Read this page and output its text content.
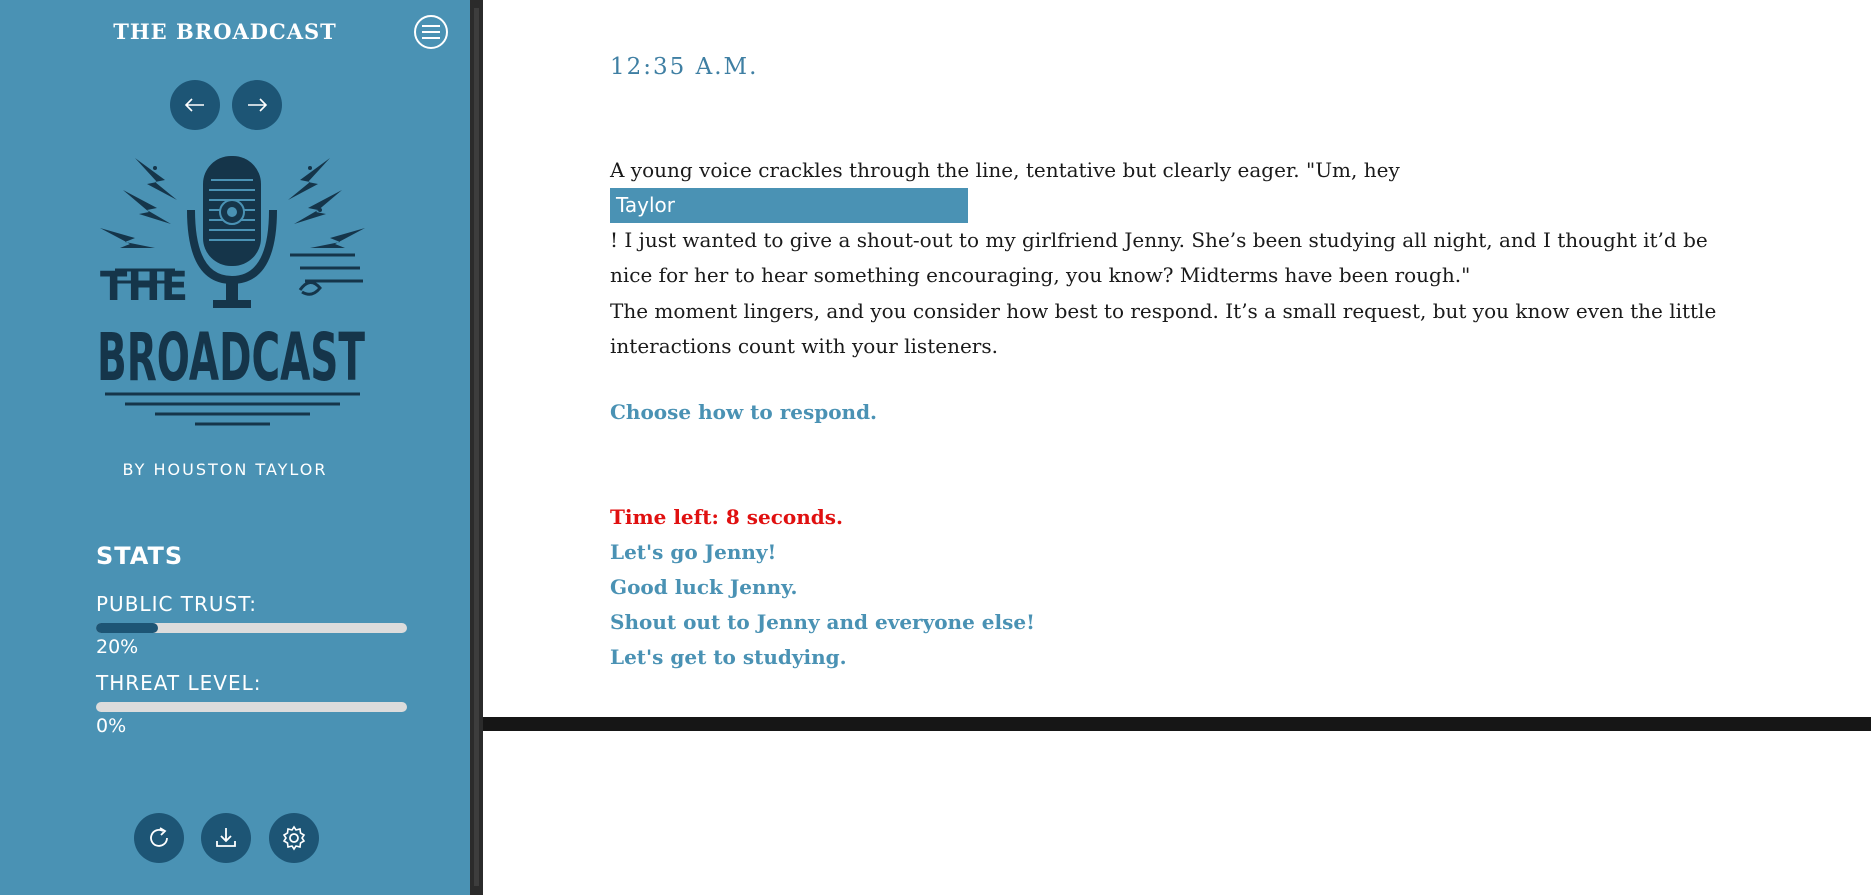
THE BROADCAST
THE
BROADCAST
BY HOUSTON TAYLOR
STATS
PUBLIC TRUST:
20%
THREAT LEVEL:
0%
12:35 A.M.

A young voice crackles through the line, tentative but clearly eager. "Um, hey Taylor
! I just wanted to give a shout-out to my girlfriend Jenny. She’s been studying all night, and I thought it’d be nice for her to hear something encouraging, you know? Midterms have been rough."

The moment lingers, and you consider how best to respond. It’s a small request, but you know even the little interactions count with your listeners.

Choose how to respond.
Time left: 8 seconds.
Let's go Jenny!
Good luck Jenny.
Shout out to Jenny and everyone else!
Let's get to studying.
